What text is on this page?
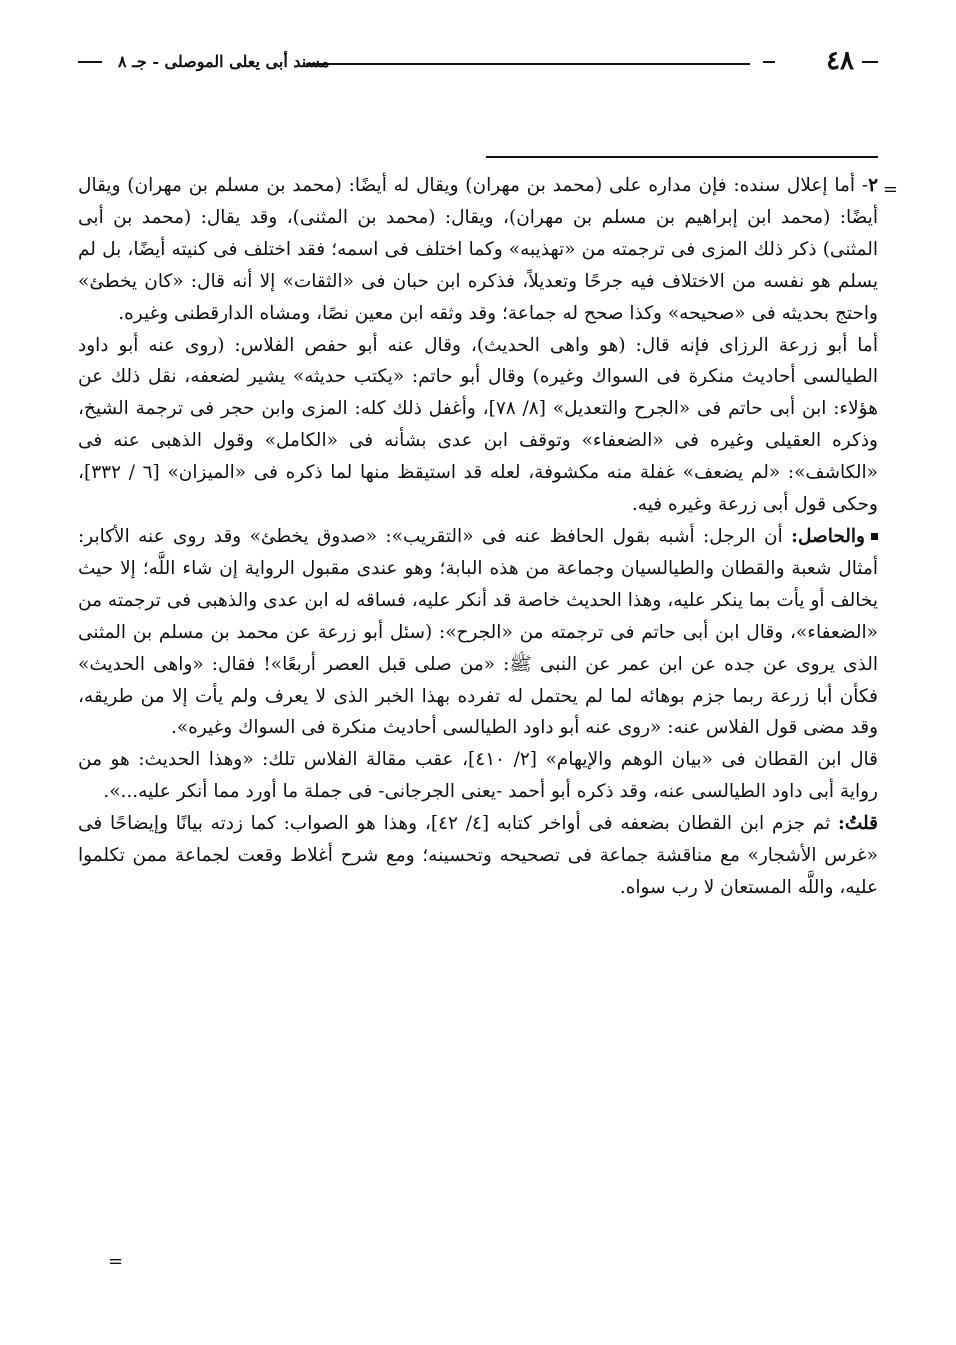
٤٨
مسند أبى يعلى الموصلى - جـ ٨
=

٢- أما إعلال سنده: فإن مداره على (محمد بن مهران) ويقال له أيضًا: (محمد بن مسلم بن مهران) ويقال أيضًا: (محمد ابن إبراهيم بن مسلم بن مهران)، ويقال: (محمد بن المثنى)، وقد يقال: (محمد بن أبى المثنى) ذكر ذلك المزى فى ترجمته من «تهذيبه» وكما اختلف فى اسمه؛ فقد اختلف فى كنيته أيضًا، بل لم يسلم هو نفسه من الاختلاف فيه جرحًا وتعديلاً، فذكره ابن حبان فى «الثقات» إلا أنه قال: «كان يخطئ» واحتج بحديثه فى «صحيحه» وكذا صحح له جماعة؛ وقد وثقه ابن معين نصًا، ومشاه الدارقطنى وغيره.

أما أبو زرعة الرزاى فإنه قال: (هو واهى الحديث)، وقال عنه أبو حفص الفلاس: (روى عنه أبو داود الطيالسى أحاديث منكرة فى السواك وغيره) وقال أبو حاتم: «يكتب حديثه» يشير لضعفه، نقل ذلك عن هؤلاء: ابن أبى حاتم فى «الجرح والتعديل» [٨/ ٧٨]، وأغفل ذلك كله: المزى وابن حجر فى ترجمة الشيخ، وذكره العقيلى وغيره فى «الضعفاء» وتوقف ابن عدى بشأنه فى «الكامل» وقول الذهبى عنه فى «الكاشف»: «لم يضعف» غفلة منه مكشوفة، لعله قد استيقظ منها لما ذكره فى «الميزان» [٦ / ٣٣٢]، وحكى قول أبى زرعة وغيره فيه.

والحاصل: أن الرجل: أشبه بقول الحافظ عنه فى «التقريب»: «صدوق يخطئ» وقد روى عنه الأكابر: أمثال شعبة والقطان والطيالسيان وجماعة من هذه البابة؛ وهو عندى مقبول الرواية إن شاء اللَّه؛ إلا حيث يخالف أو يأت بما ينكر عليه، وهذا الحديث خاصة قد أنكر عليه، فساقه له ابن عدى والذهبى فى ترجمته من «الضعفاء»، وقال ابن أبى حاتم فى ترجمته من «الجرح»: (سئل أبو زرعة عن محمد بن مسلم بن المثنى الذى يروى عن جده عن ابن عمر عن النبى ﷺ: «من صلى قبل العصر أربعًا»! فقال: «واهى الحديث» فكأن أبا زرعة ربما جزم بوهائه لما لم يحتمل له تفرده بهذا الخبر الذى لا يعرف ولم يأت إلا من طريقه، وقد مضى قول الفلاس عنه: «روى عنه أبو داود الطيالسى أحاديث منكرة فى السواك وغيره».

قال ابن القطان فى «بيان الوهم والإيهام» [٢/ ٤١٠]، عقب مقالة الفلاس تلك: «وهذا الحديث: هو من رواية أبى داود الطيالسى عنه، وقد ذكره أبو أحمد -يعنى الجرجانى- فى جملة ما أورد مما أنكر عليه...».

قلتُ: ثم جزم ابن القطان بضعفه فى أواخر كتابه [٤/ ٤٢]، وهذا هو الصواب: كما زدته بيانًا وإيضاحًا فى «غرس الأشجار» مع مناقشة جماعة فى تصحيحه وتحسينه؛ ومع شرح أغلاط وقعت لجماعة ممن تكلموا عليه، واللَّه المستعان لا رب سواه.

=
